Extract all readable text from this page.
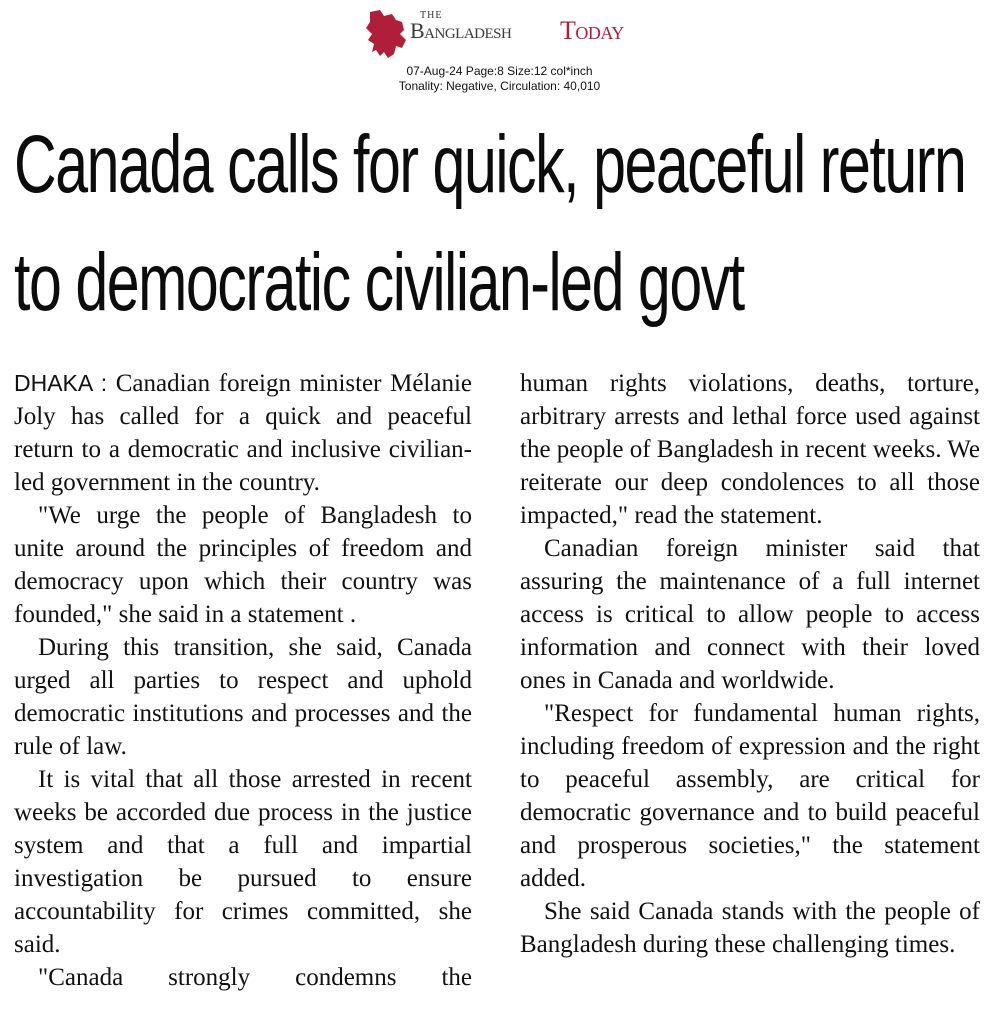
THE
Bangladesh Today
07-Aug-24 Page:8 Size:12 col*inch
Tonality: Negative, Circulation: 40,010
Canada calls for quick, peaceful return
to democratic civilian-led govt

DHAKA : Canadian foreign minister Mélanie Joly has called for a quick and peaceful return to a democratic and inclusive civilian-led government in the country.

"We urge the people of Bangladesh to unite around the principles of freedom and democracy upon which their country was founded," she said in a statement .

During this transition, she said, Canada urged all parties to respect and uphold democratic institutions and processes and the rule of law.

It is vital that all those arrested in recent weeks be accorded due process in the justice system and that a full and impartial investigation be pursued to ensure accountability for crimes committed, she said.

"Canada strongly condemns the

human rights violations, deaths, torture, arbitrary arrests and lethal force used against the people of Bangladesh in recent weeks. We reiterate our deep condolences to all those impacted," read the statement.

Canadian foreign minister said that assuring the maintenance of a full internet access is critical to allow people to access information and connect with their loved ones in Canada and worldwide.

"Respect for fundamental human rights, including freedom of expression and the right to peaceful assembly, are critical for democratic governance and to build peaceful and prosperous societies," the statement added.

She said Canada stands with the people of Bangladesh during these challenging times.
